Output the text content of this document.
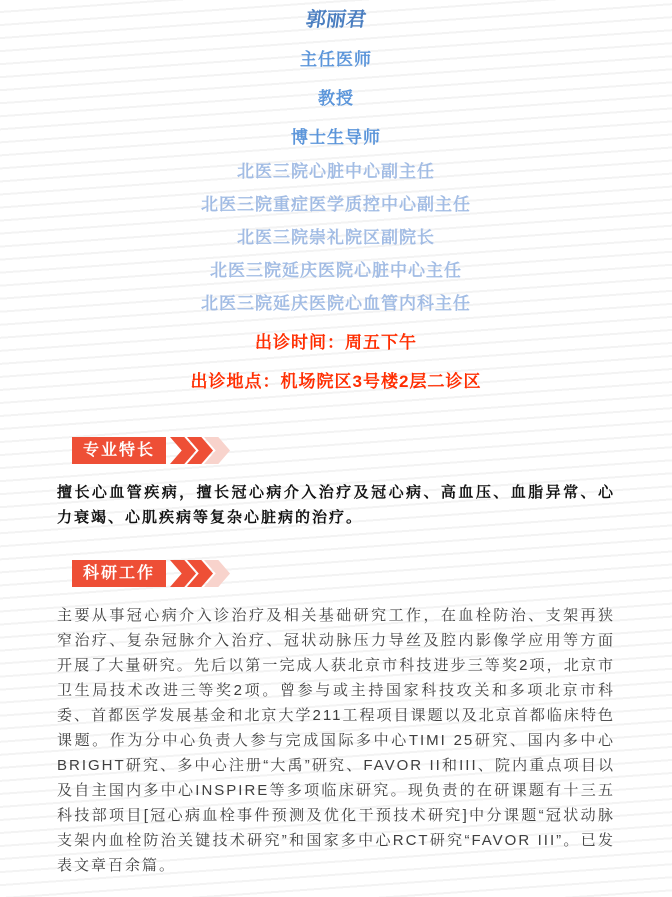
郭丽君
主任医师
教授
博士生导师
北医三院心脏中心副主任
北医三院重症医学质控中心副主任
北医三院崇礼院区副院长
北医三院延庆医院心脏中心主任
北医三院延庆医院心血管内科主任
出诊时间：周五下午
出诊地点：机场院区3号楼2层二诊区
专业特长

擅长心血管疾病，擅长冠心病介入治疗及冠心病、高血压、血脂异常、心力衰竭、心肌疾病等复杂心脏病的治疗。

科研工作

主要从事冠心病介入诊治疗及相关基础研究工作，在血栓防治、支架再狭窄治疗、复杂冠脉介入治疗、冠状动脉压力导丝及腔内影像学应用等方面开展了大量研究。先后以第一完成人获北京市科技进步三等奖2项，北京市卫生局技术改进三等奖2项。曾参与或主持国家科技攻关和多项北京市科委、首都医学发展基金和北京大学211工程项目课题以及北京首都临床特色课题。作为分中心负责人参与完成国际多中心TIMI 25研究、国内多中心BRIGHT研究、多中心注册“大禹”研究、FAVOR II和III、院内重点项目以及自主国内多中心INSPIRE等多项临床研究。现负责的在研课题有十三五科技部项目[冠心病血栓事件预测及优化干预技术研究]中分课题“冠状动脉支架内血栓防治关键技术研究”和国家多中心RCT研究“FAVOR III”。已发表文章百余篇。
